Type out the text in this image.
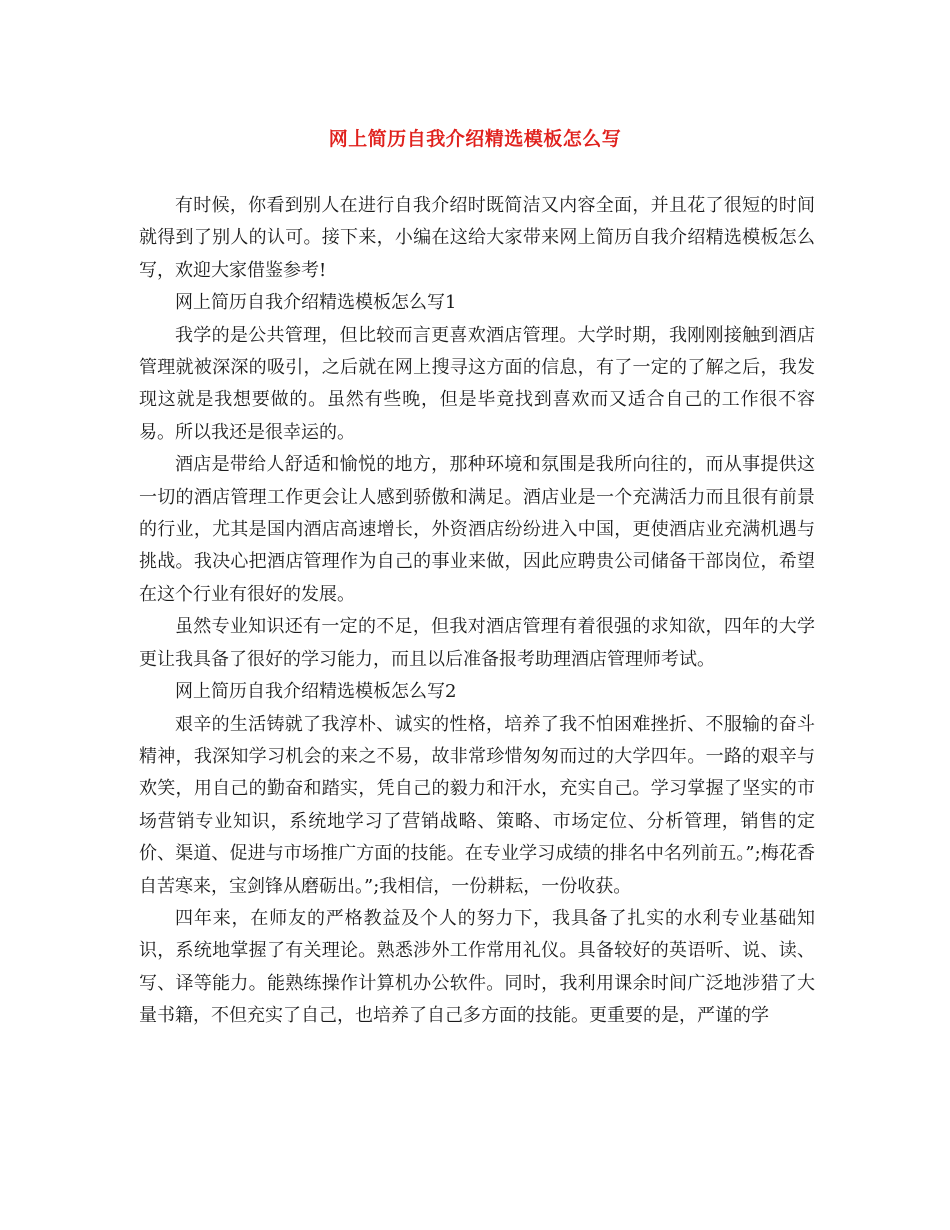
网上简历自我介绍精选模板怎么写

有时候，你看到别人在进行自我介绍时既简洁又内容全面，并且花了很短的时间就得到了别人的认可。接下来，小编在这给大家带来网上简历自我介绍精选模板怎么写，欢迎大家借鉴参考!

网上简历自我介绍精选模板怎么写1

我学的是公共管理，但比较而言更喜欢酒店管理。大学时期，我刚刚接触到酒店管理就被深深的吸引，之后就在网上搜寻这方面的信息，有了一定的了解之后，我发现这就是我想要做的。虽然有些晚，但是毕竟找到喜欢而又适合自己的工作很不容易。所以我还是很幸运的。

酒店是带给人舒适和愉悦的地方，那种环境和氛围是我所向往的，而从事提供这一切的酒店管理工作更会让人感到骄傲和满足。酒店业是一个充满活力而且很有前景的行业，尤其是国内酒店高速增长，外资酒店纷纷进入中国，更使酒店业充满机遇与挑战。我决心把酒店管理作为自己的事业来做，因此应聘贵公司储备干部岗位，希望在这个行业有很好的发展。

虽然专业知识还有一定的不足，但我对酒店管理有着很强的求知欲，四年的大学更让我具备了很好的学习能力，而且以后准备报考助理酒店管理师考试。

网上简历自我介绍精选模板怎么写2

艰辛的生活铸就了我淳朴、诚实的性格，培养了我不怕困难挫折、不服输的奋斗精神，我深知学习机会的来之不易，故非常珍惜匆匆而过的大学四年。一路的艰辛与欢笑，用自己的勤奋和踏实，凭自己的毅力和汗水，充实自己。学习掌握了坚实的市场营销专业知识，系统地学习了营销战略、策略、市场定位、分析管理，销售的定价、渠道、促进与市场推广方面的技能。在专业学习成绩的排名中名列前五。”;梅花香自苦寒来，宝剑锋从磨砺出。”;我相信，一份耕耘，一份收获。

四年来，在师友的严格教益及个人的努力下，我具备了扎实的水利专业基础知识，系统地掌握了有关理论。熟悉涉外工作常用礼仪。具备较好的英语听、说、读、写、译等能力。能熟练操作计算机办公软件。同时，我利用课余时间广泛地涉猎了大量书籍，不但充实了自己，也培养了自己多方面的技能。更重要的是，严谨的学
